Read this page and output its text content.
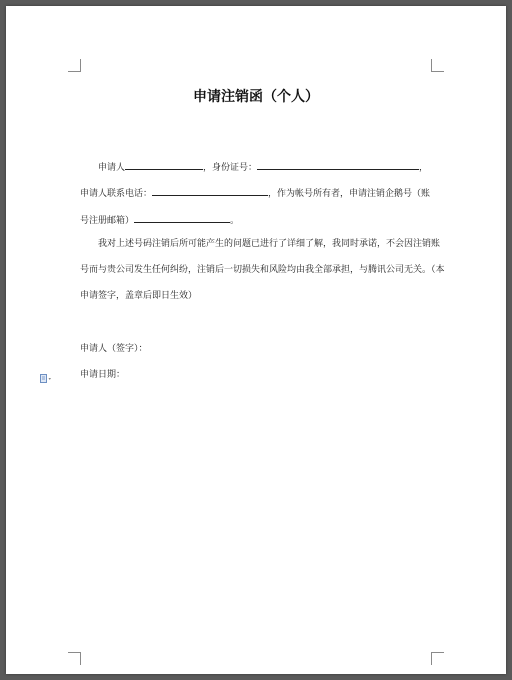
申请注销函（个人）
申请人	，身份证号：	，
申请人联系电话：	，作为帐号所有者，申请注销企鹅号（账
号注册邮箱）	。
我对上述号码注销后所可能产生的问题已进行了详细了解，我同时承诺，不会因注销账
号而与贵公司发生任何纠纷，注销后一切损失和风险均由我全部承担，与腾讯公司无关。（本
申请签字，盖章后即日生效）
申请人（签字）：
申请日期：
